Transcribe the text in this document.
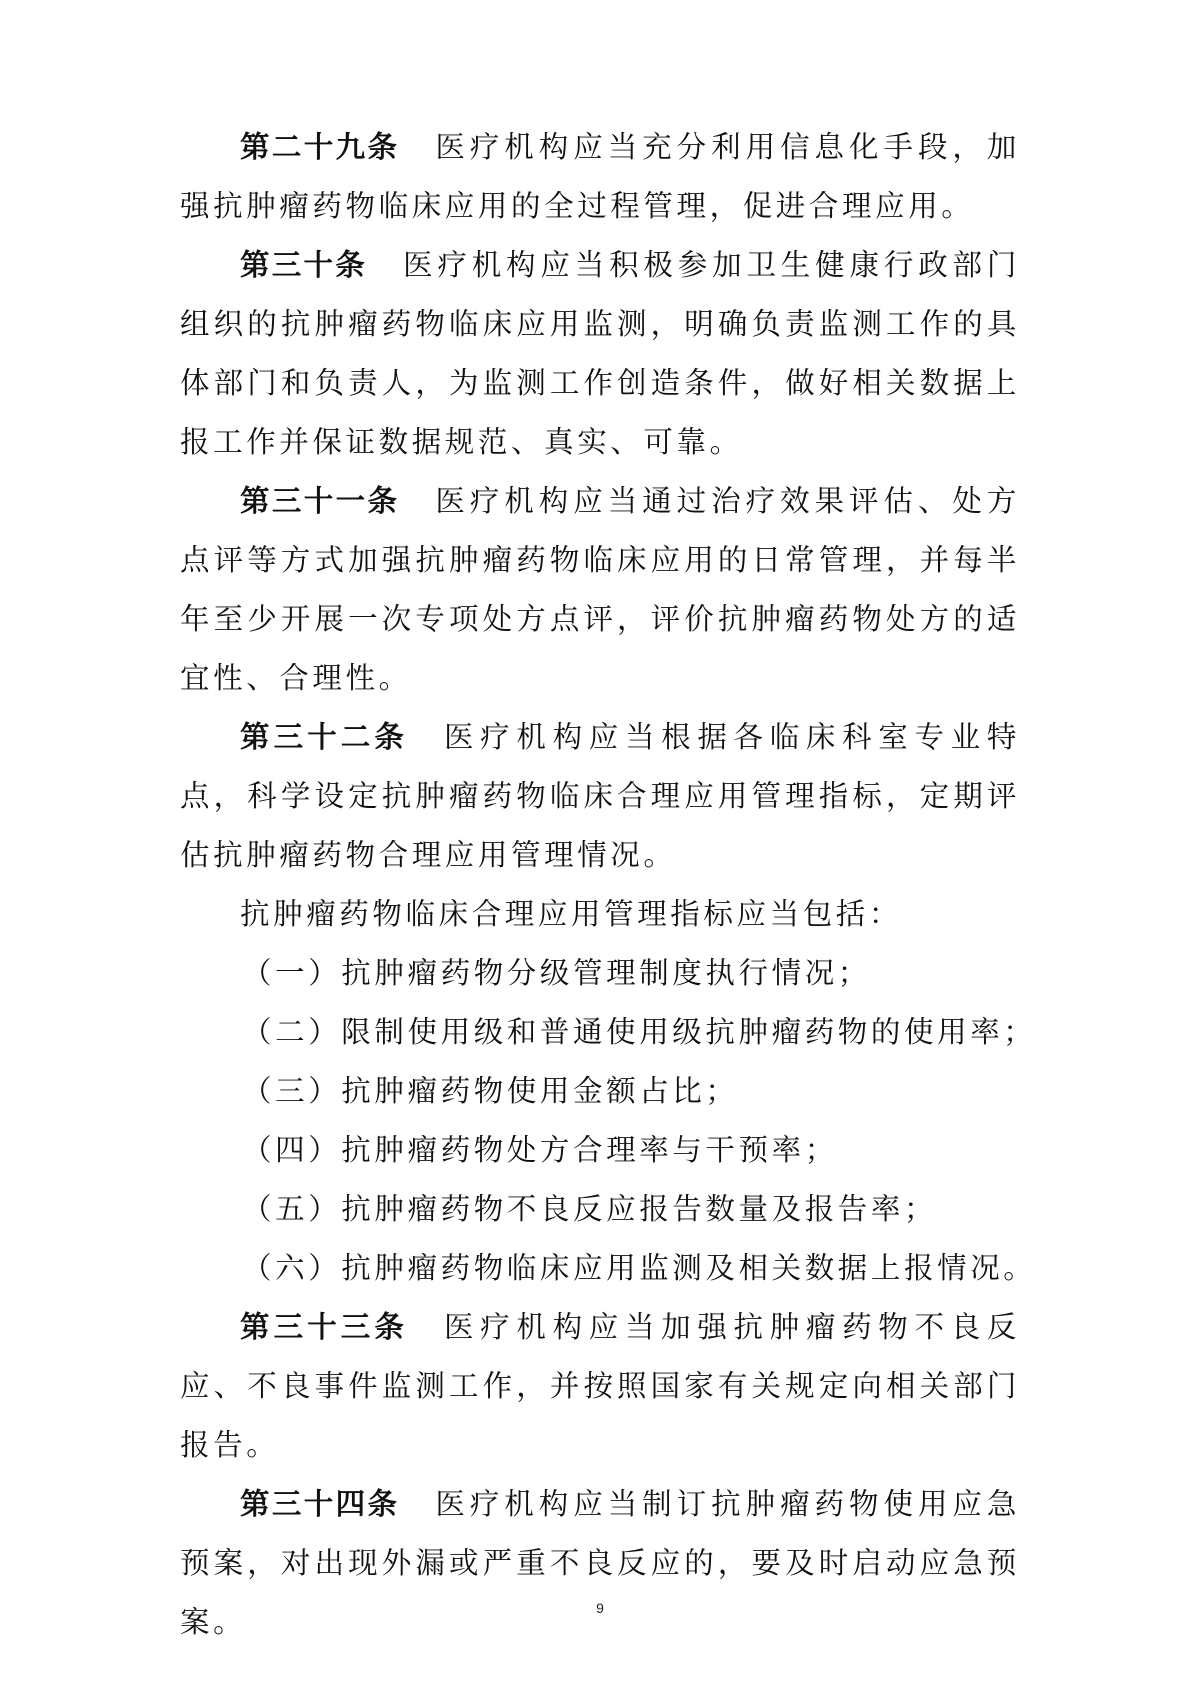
第二十九条 医疗机构应当充分利用信息化手段，加强抗肿瘤药物临床应用的全过程管理，促进合理应用。

第三十条 医疗机构应当积极参加卫生健康行政部门组织的抗肿瘤药物临床应用监测，明确负责监测工作的具体部门和负责人，为监测工作创造条件，做好相关数据上报工作并保证数据规范、真实、可靠。

第三十一条 医疗机构应当通过治疗效果评估、处方点评等方式加强抗肿瘤药物临床应用的日常管理，并每半年至少开展一次专项处方点评，评价抗肿瘤药物处方的适宜性、合理性。

第三十二条 医疗机构应当根据各临床科室专业特点，科学设定抗肿瘤药物临床合理应用管理指标，定期评估抗肿瘤药物合理应用管理情况。

抗肿瘤药物临床合理应用管理指标应当包括：

（一）抗肿瘤药物分级管理制度执行情况；

（二）限制使用级和普通使用级抗肿瘤药物的使用率；

（三）抗肿瘤药物使用金额占比；

（四）抗肿瘤药物处方合理率与干预率；

（五）抗肿瘤药物不良反应报告数量及报告率；

（六）抗肿瘤药物临床应用监测及相关数据上报情况。

第三十三条 医疗机构应当加强抗肿瘤药物不良反应、不良事件监测工作，并按照国家有关规定向相关部门报告。

第三十四条 医疗机构应当制订抗肿瘤药物使用应急预案，对出现外漏或严重不良反应的，要及时启动应急预案。	9
